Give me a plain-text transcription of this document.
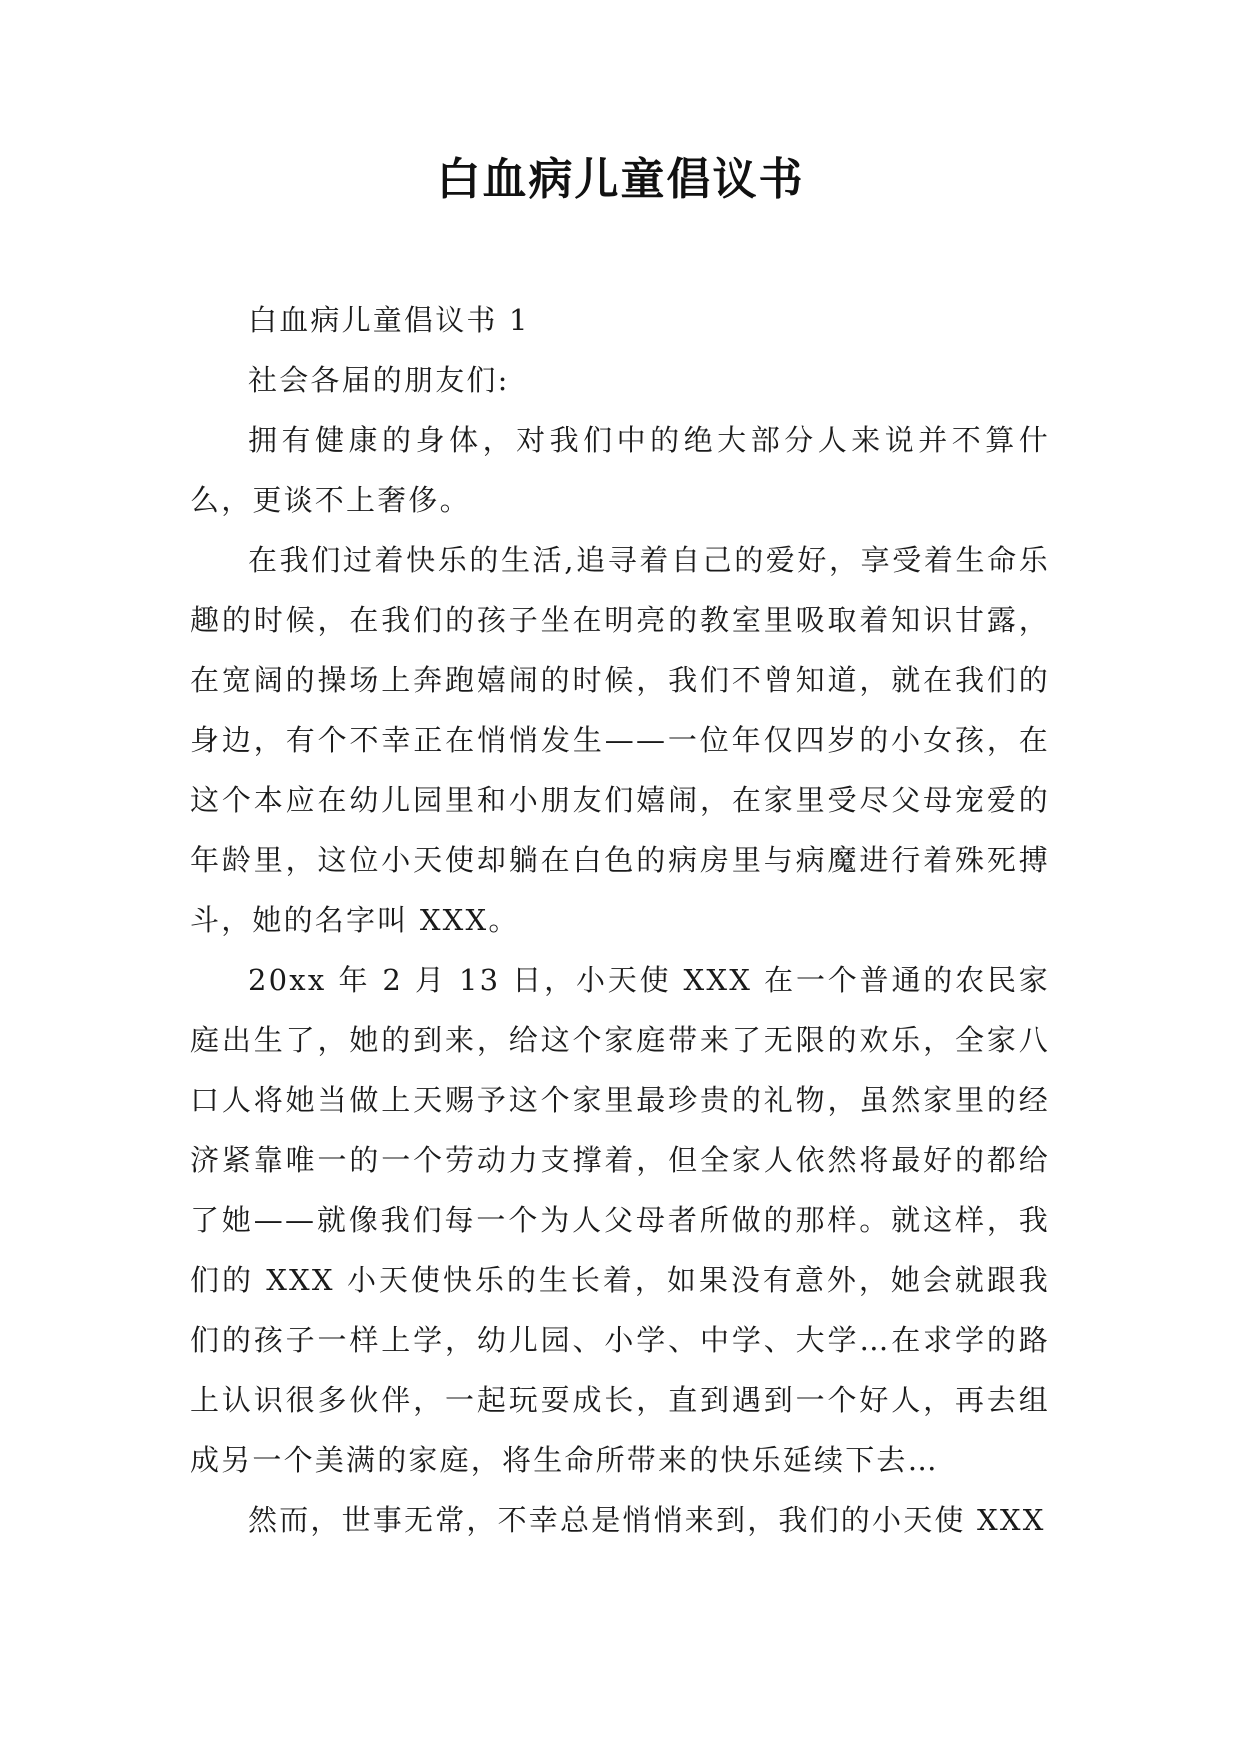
白血病儿童倡议书

白血病儿童倡议书 1

社会各届的朋友们:

拥有健康的身体，对我们中的绝大部分人来说并不算什么，更谈不上奢侈。

在我们过着快乐的生活,追寻着自己的爱好，享受着生命乐趣的时候，在我们的孩子坐在明亮的教室里吸取着知识甘露，在宽阔的操场上奔跑嬉闹的时候，我们不曾知道，就在我们的身边，有个不幸正在悄悄发生——一位年仅四岁的小女孩，在这个本应在幼儿园里和小朋友们嬉闹，在家里受尽父母宠爱的年龄里，这位小天使却躺在白色的病房里与病魔进行着殊死搏斗，她的名字叫 XXX。

20xx 年 2 月 13 日，小天使 XXX 在一个普通的农民家庭出生了，她的到来，给这个家庭带来了无限的欢乐，全家八口人将她当做上天赐予这个家里最珍贵的礼物，虽然家里的经济紧靠唯一的一个劳动力支撑着，但全家人依然将最好的都给了她——就像我们每一个为人父母者所做的那样。就这样，我们的 XXX 小天使快乐的生长着，如果没有意外，她会就跟我们的孩子一样上学，幼儿园、小学、中学、大学…在求学的路上认识很多伙伴，一起玩耍成长，直到遇到一个好人，再去组成另一个美满的家庭，将生命所带来的快乐延续下去…

然而，世事无常，不幸总是悄悄来到，我们的小天使 XXX
